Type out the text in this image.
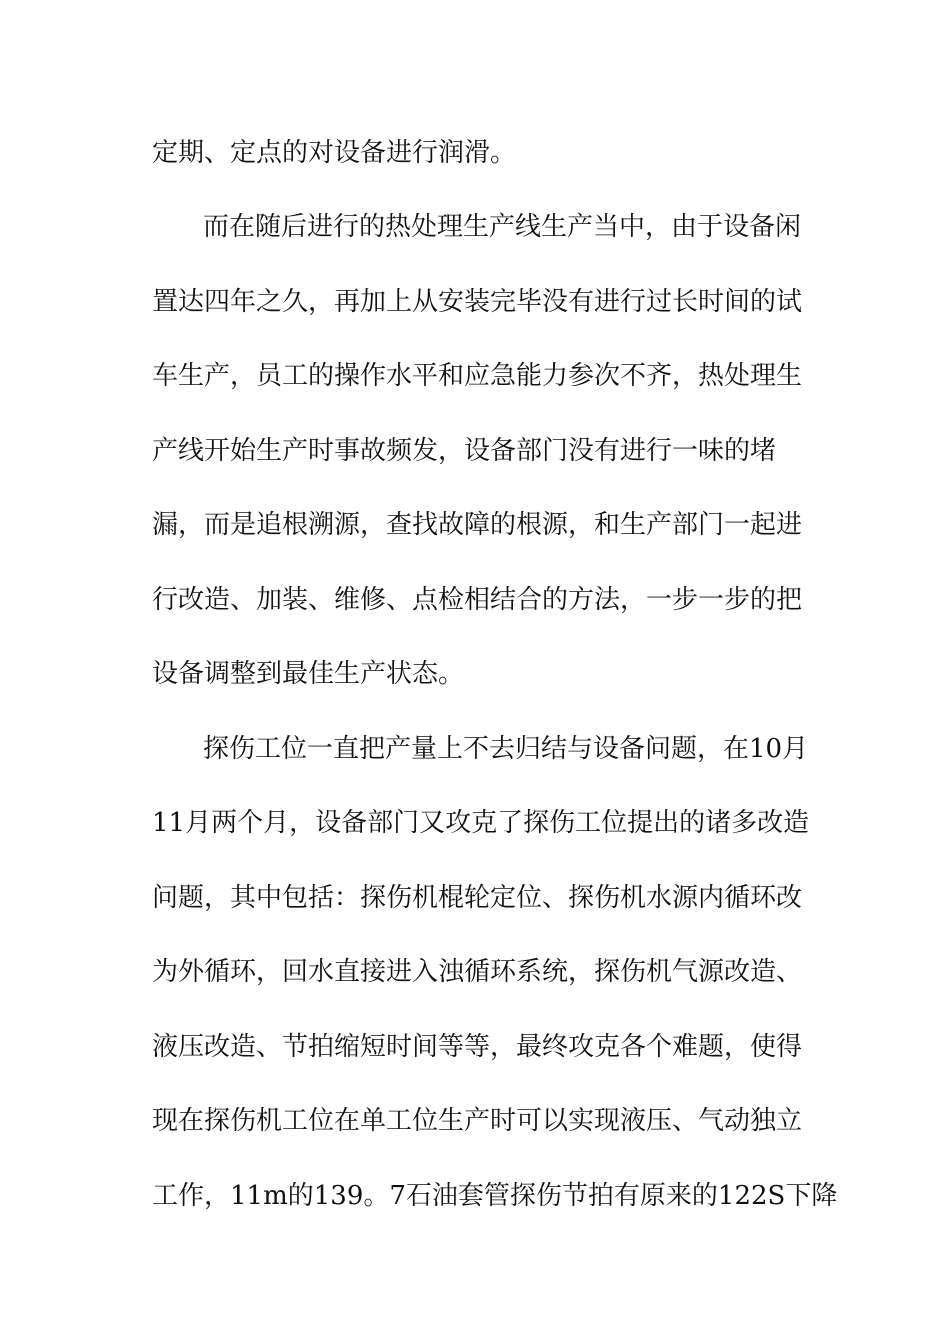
定期、定点的对设备进行润滑。
而在随后进行的热处理生产线生产当中，由于设备闲
置达四年之久，再加上从安装完毕没有进行过长时间的试
车生产，员工的操作水平和应急能力参次不齐，热处理生
产线开始生产时事故频发，设备部门没有进行一味的堵
漏，而是追根溯源，查找故障的根源，和生产部门一起进
行改造、加装、维修、点检相结合的方法，一步一步的把
设备调整到最佳生产状态。
探伤工位一直把产量上不去归结与设备问题，在10月
11月两个月，设备部门又攻克了探伤工位提出的诸多改造
问题，其中包括：探伤机棍轮定位、探伤机水源内循环改
为外循环，回水直接进入浊循环系统，探伤机气源改造、
液压改造、节拍缩短时间等等，最终攻克各个难题，使得
现在探伤机工位在单工位生产时可以实现液压、气动独立
工作，11m的139。7石油套管探伤节拍有原来的122S下降
